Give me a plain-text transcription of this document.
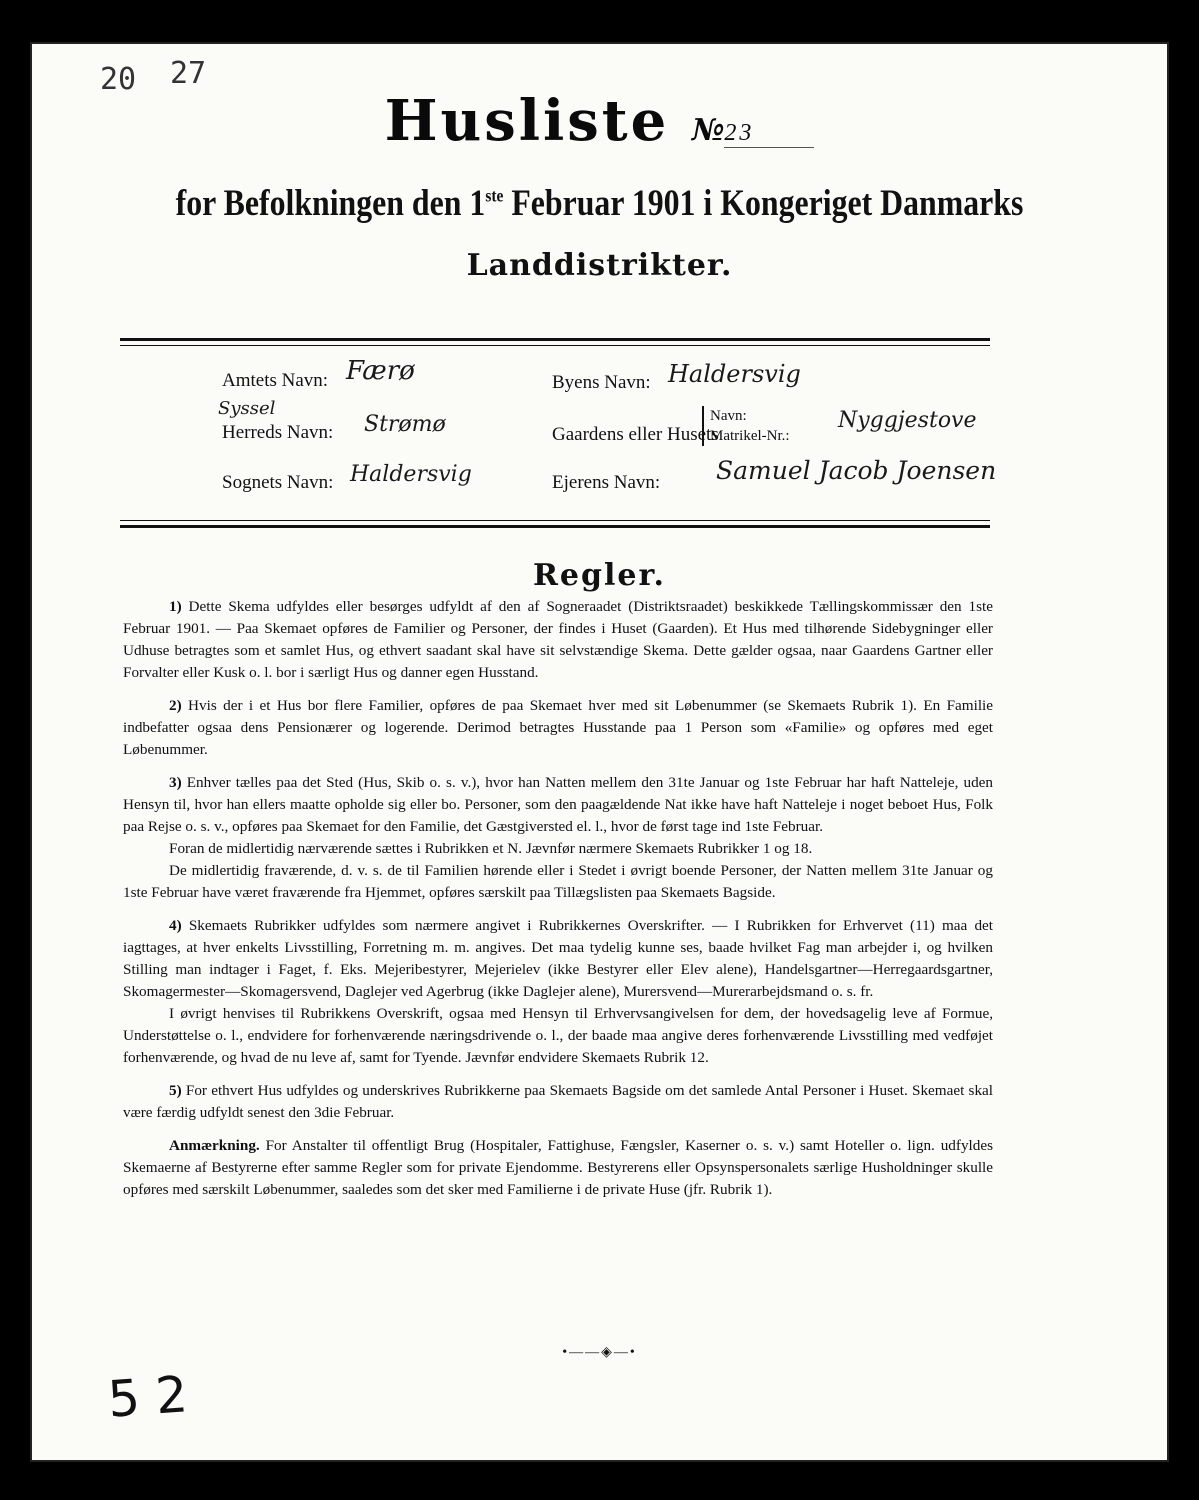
20 27
Husliste №23
for Befolkningen den 1ste Februar 1901 i Kongeriget Danmarks
Landdistrikter.
Amtets Navn: Færø
Herreds Navn:
Syssel
Strømø
Sognets Navn: Haldersvig
Byens Navn: Haldersvig
Gaardens eller Husets
Navn:
Matrikel-Nr.:
Nyggjestove
Ejerens Navn: Samuel Jacob Joensen
Regler.

1) Dette Skema udfyldes eller besørges udfyldt af den af Sogneraadet (Distriktsraadet) beskikkede Tællingskommissær den 1ste Februar 1901. — Paa Skemaet opføres de Familier og Personer, der findes i Huset (Gaarden). Et Hus med tilhørende Sidebygninger eller Udhuse betragtes som et samlet Hus, og ethvert saadant skal have sit selvstændige Skema. Dette gælder ogsaa, naar Gaardens Gartner eller Forvalter eller Kusk o. l. bor i særligt Hus og danner egen Husstand.

2) Hvis der i et Hus bor flere Familier, opføres de paa Skemaet hver med sit Løbenummer (se Skemaets Rubrik 1). En Familie indbefatter ogsaa dens Pensionærer og logerende. Derimod betragtes Husstande paa 1 Person som «Familie» og opføres med eget Løbenummer.

3) Enhver tælles paa det Sted (Hus, Skib o. s. v.), hvor han Natten mellem den 31te Januar og 1ste Februar har haft Natteleje, uden Hensyn til, hvor han ellers maatte opholde sig eller bo. Personer, som den paagældende Nat ikke have haft Natteleje i noget beboet Hus, Folk paa Rejse o. s. v., opføres paa Skemaet for den Familie, det Gæstgiversted el. l., hvor de først tage ind 1ste Februar.

Foran de midlertidig nærværende sættes i Rubrikken et N. Jævnfør nærmere Skemaets Rubrikker 1 og 18.

De midlertidig fraværende, d. v. s. de til Familien hørende eller i Stedet i øvrigt boende Personer, der Natten mellem 31te Januar og 1ste Februar have været fraværende fra Hjemmet, opføres særskilt paa Tillægslisten paa Skemaets Bagside.

4) Skemaets Rubrikker udfyldes som nærmere angivet i Rubrikkernes Overskrifter. — I Rubrikken for Erhvervet (11) maa det iagttages, at hver enkelts Livsstilling, Forretning m. m. angives. Det maa tydelig kunne ses, baade hvilket Fag man arbejder i, og hvilken Stilling man indtager i Faget, f. Eks. Mejeribestyrer, Mejerielev (ikke Bestyrer eller Elev alene), Handelsgartner—Herregaardsgartner, Skomagermester—Skomagersvend, Daglejer ved Agerbrug (ikke Daglejer alene), Murersvend—Murerarbejdsmand o. s. fr.

I øvrigt henvises til Rubrikkens Overskrift, ogsaa med Hensyn til Erhvervsangivelsen for dem, der hovedsagelig leve af Formue, Understøttelse o. l., endvidere for forhenværende næringsdrivende o. l., der baade maa angive deres forhenværende Livsstilling med vedføjet forhenværende, og hvad de nu leve af, samt for Tyende. Jævnfør endvidere Skemaets Rubrik 12.

5) For ethvert Hus udfyldes og underskrives Rubrikkerne paa Skemaets Bagside om det samlede Antal Personer i Huset. Skemaet skal være færdig udfyldt senest den 3die Februar.

Anmærkning. For Anstalter til offentligt Brug (Hospitaler, Fattighuse, Fængsler, Kaserner o. s. v.) samt Hoteller o. lign. udfyldes Skemaerne af Bestyrerne efter samme Regler som for private Ejendomme. Bestyrerens eller Opsynspersonalets særlige Husholdninger skulle opføres med særskilt Løbenummer, saaledes som det sker med Familierne i de private Huse (jfr. Rubrik 1).

•——◈—•
5 2
